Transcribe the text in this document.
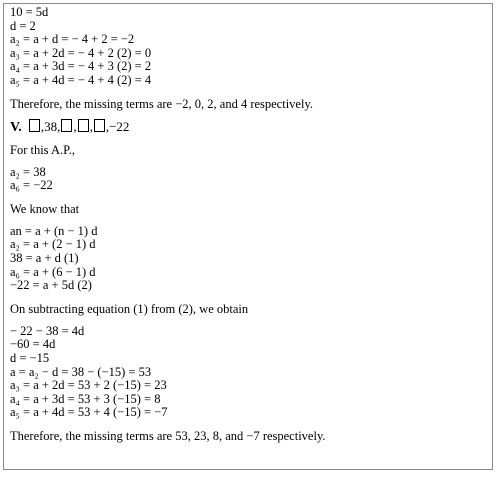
10 = 5d
d = 2
a₂ = a + d = − 4 + 2 = −2
a₃ = a + 2d = − 4 + 2 (2) = 0
a₄ = a + 3d = − 4 + 3 (2) = 2
a₅ = a + 4d = − 4 + 4 (2) = 4
Therefore, the missing terms are −2, 0, 2, and 4 respectively.
V. ,38, , , ,−22
For this A.P.,
a₂ = 38
a₆ = −22
We know that
an = a + (n − 1) d
a₂ = a + (2 − 1) d
38 = a + d (1)
a₆ = a + (6 − 1) d
−22 = a + 5d (2)
On subtracting equation (1) from (2), we obtain
− 22 − 38 = 4d
−60 = 4d
d = −15
a = a₂ − d = 38 − (−15) = 53
a₃ = a + 2d = 53 + 2 (−15) = 23
a₄ = a + 3d = 53 + 3 (−15) = 8
a₅ = a + 4d = 53 + 4 (−15) = −7
Therefore, the missing terms are 53, 23, 8, and −7 respectively.
